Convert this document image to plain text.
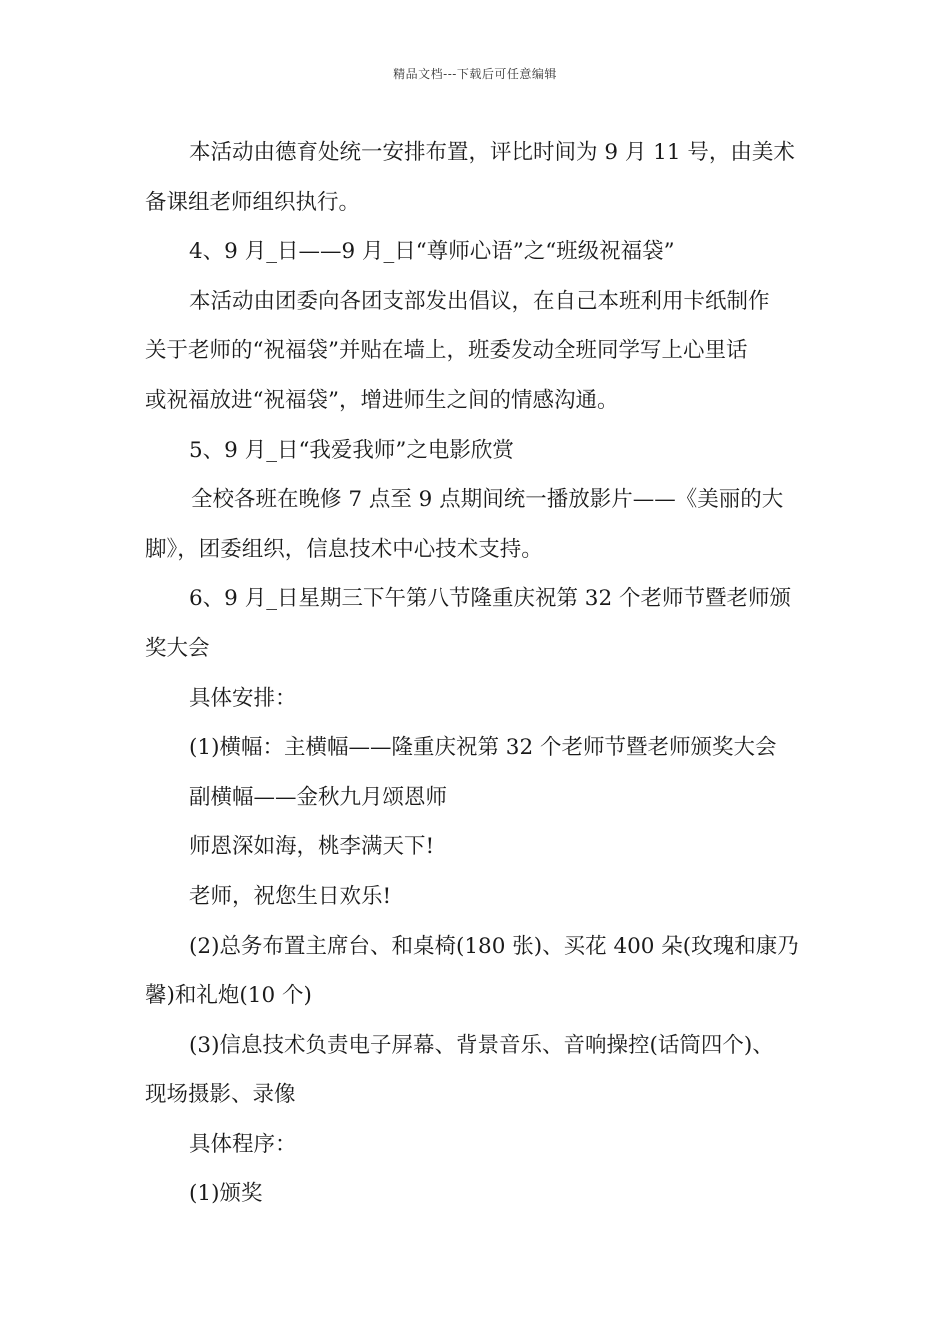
精品文档---下载后可任意编辑

本活动由德育处统一安排布置，评比时间为 9 月 11 号，由美术

备课组老师组织执行。

4、9 月_日——9 月_日“尊师心语”之“班级祝福袋”

本活动由团委向各团支部发出倡议，在自己本班利用卡纸制作

关于老师的“祝福袋”并贴在墙上，班委发动全班同学写上心里话

或祝福放进“祝福袋”，增进师生之间的情感沟通。

5、9 月_日“我爱我师”之电影欣赏

全校各班在晚修 7 点至 9 点期间统一播放影片——《美丽的大

脚》，团委组织，信息技术中心技术支持。

6、9 月_日星期三下午第八节隆重庆祝第 32 个老师节暨老师颁

奖大会

具体安排：

(1)横幅：主横幅——隆重庆祝第 32 个老师节暨老师颁奖大会

副横幅——金秋九月颂恩师

师恩深如海，桃李满天下!

老师，祝您生日欢乐!

(2)总务布置主席台、和桌椅(180 张)、买花 400 朵(玫瑰和康乃

馨)和礼炮(10 个)

(3)信息技术负责电子屏幕、背景音乐、音响操控(话筒四个)、

现场摄影、录像

具体程序：

(1)颁奖
